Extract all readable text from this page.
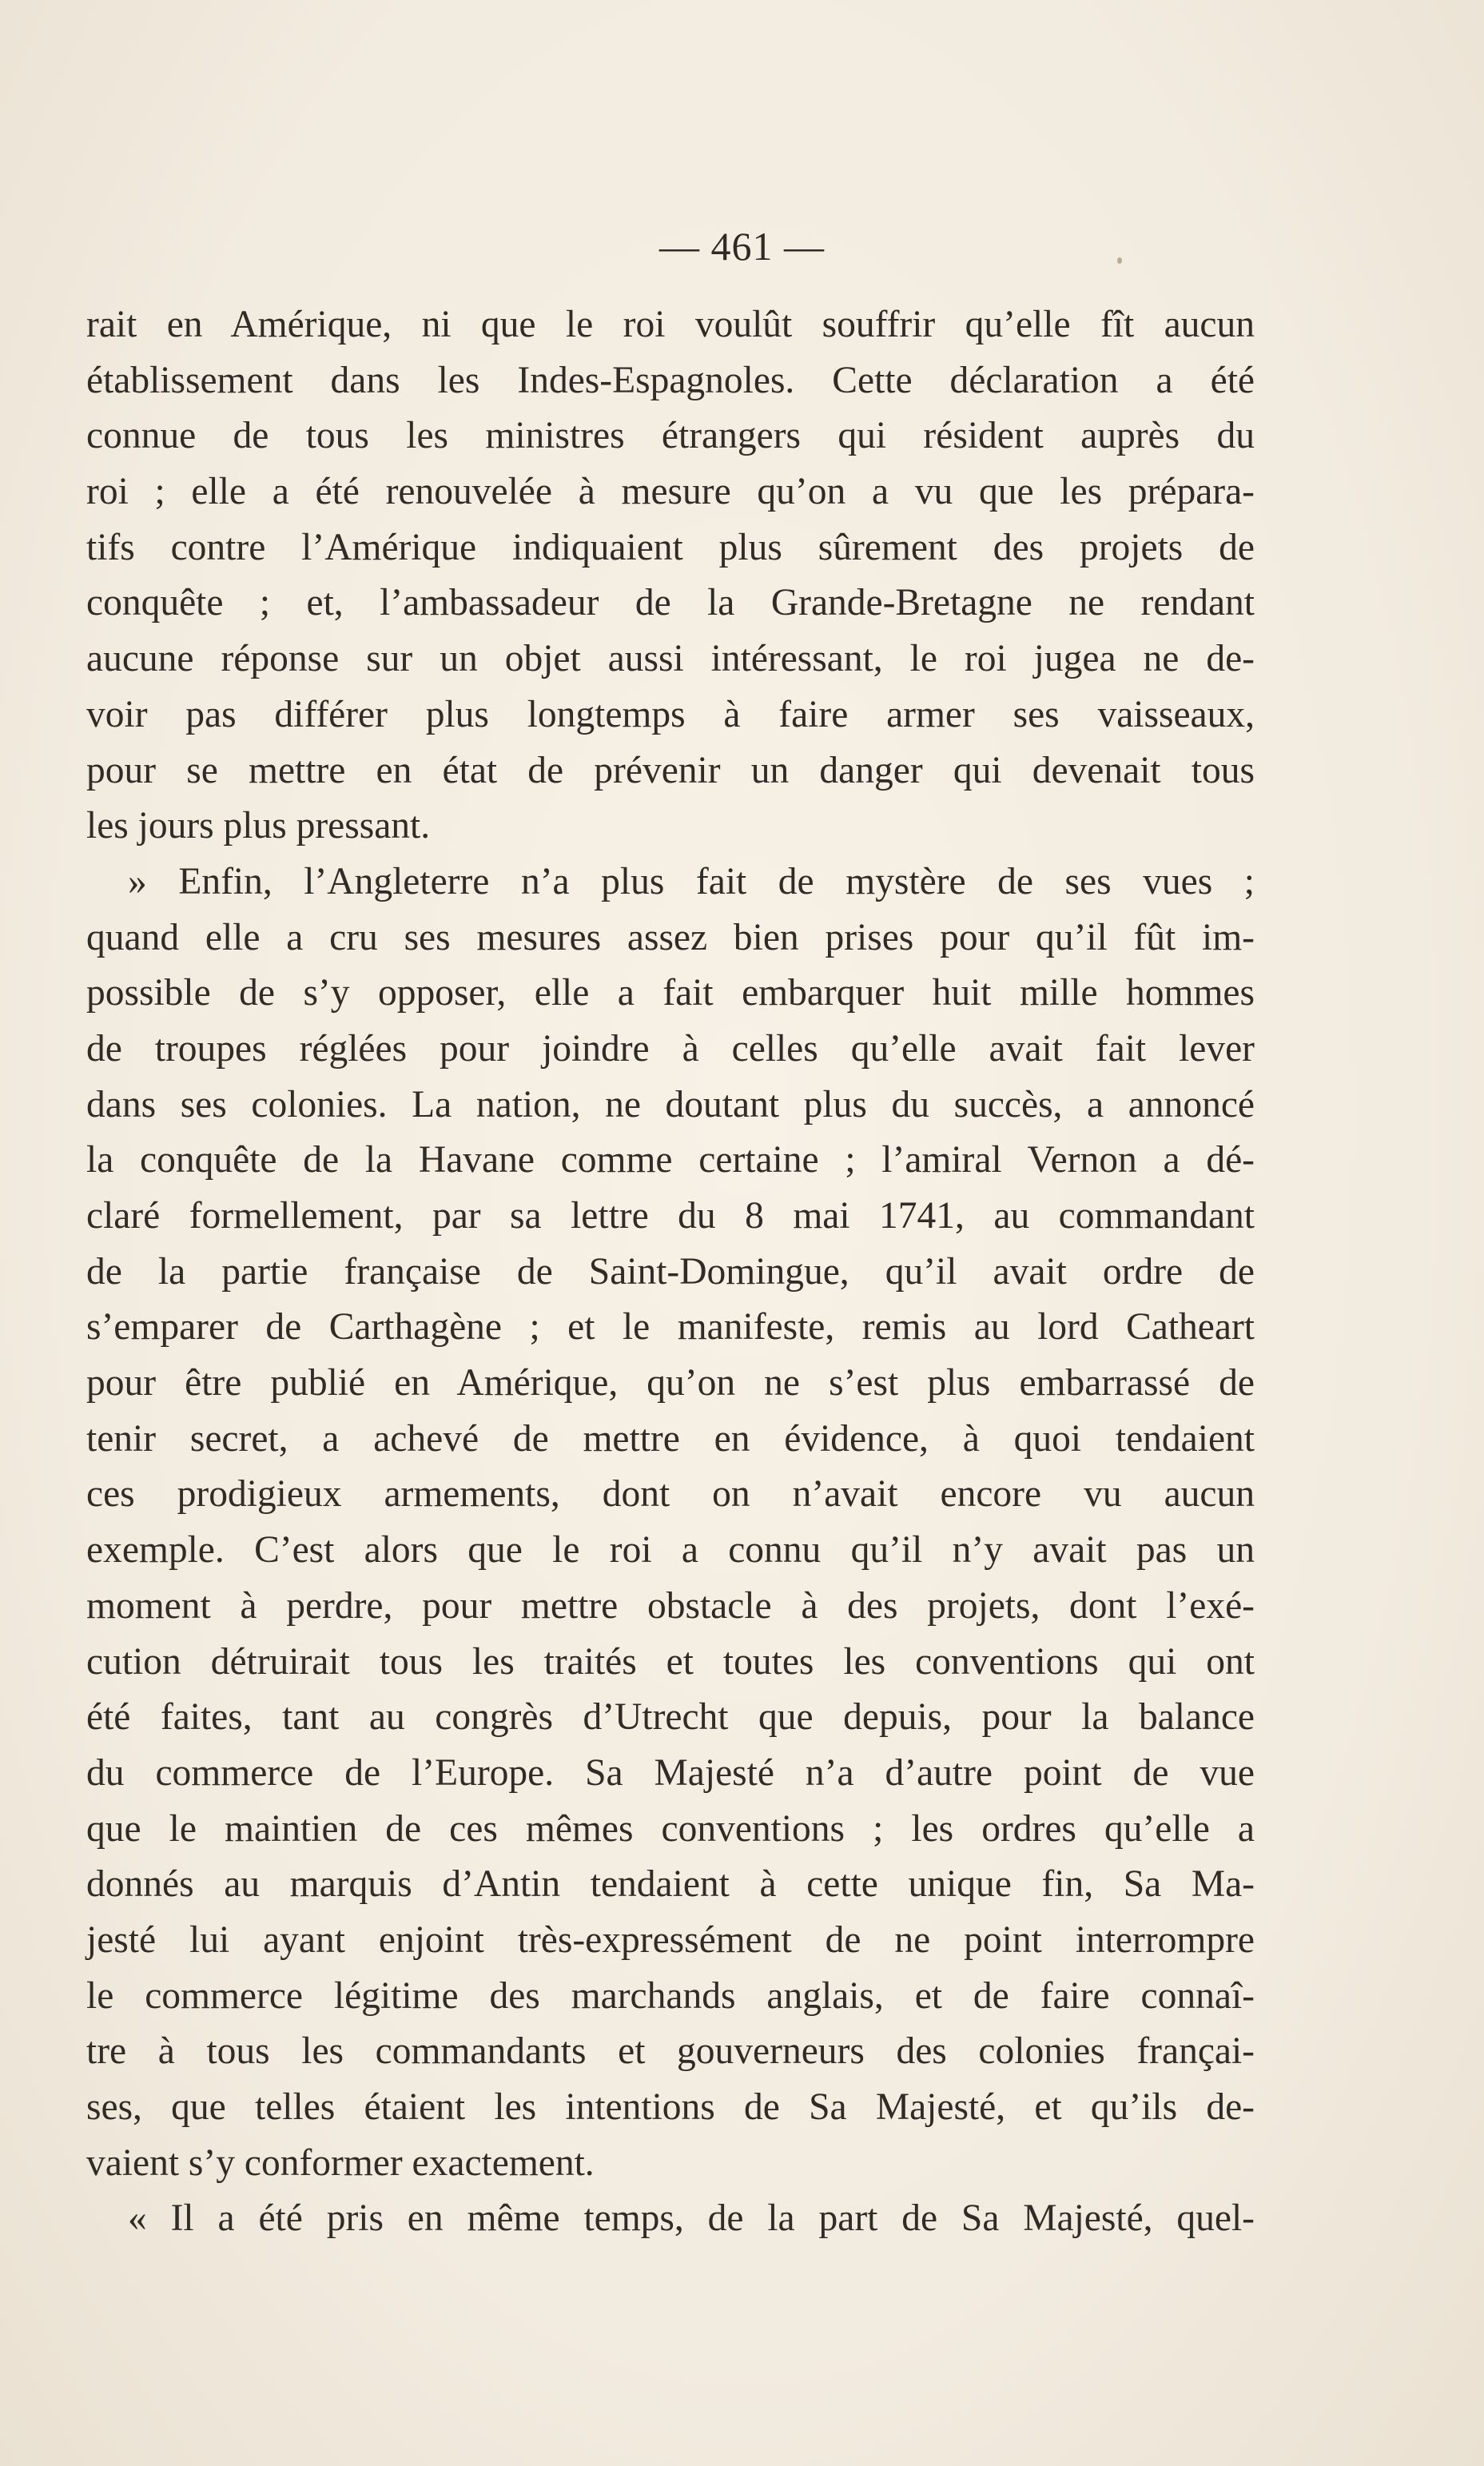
— 461 —
rait en Amérique, ni que le roi voulût souffrir qu’elle fît aucun
établissement dans les Indes-Espagnoles. Cette déclaration a été
connue de tous les ministres étrangers qui résident auprès du
roi ; elle a été renouvelée à mesure qu’on a vu que les prépara-
tifs contre l’Amérique indiquaient plus sûrement des projets de
conquête ; et, l’ambassadeur de la Grande-Bretagne ne rendant
aucune réponse sur un objet aussi intéressant, le roi jugea ne de-
voir pas différer plus longtemps à faire armer ses vaisseaux,
pour se mettre en état de prévenir un danger qui devenait tous
les jours plus pressant.
» Enfin, l’Angleterre n’a plus fait de mystère de ses vues ;
quand elle a cru ses mesures assez bien prises pour qu’il fût im-
possible de s’y opposer, elle a fait embarquer huit mille hommes
de troupes réglées pour joindre à celles qu’elle avait fait lever
dans ses colonies. La nation, ne doutant plus du succès, a annoncé
la conquête de la Havane comme certaine ; l’amiral Vernon a dé-
claré formellement, par sa lettre du 8 mai 1741, au commandant
de la partie française de Saint-Domingue, qu’il avait ordre de
s’emparer de Carthagène ; et le manifeste, remis au lord Catheart
pour être publié en Amérique, qu’on ne s’est plus embarrassé de
tenir secret, a achevé de mettre en évidence, à quoi tendaient
ces prodigieux armements, dont on n’avait encore vu aucun
exemple. C’est alors que le roi a connu qu’il n’y avait pas un
moment à perdre, pour mettre obstacle à des projets, dont l’exé-
cution détruirait tous les traités et toutes les conventions qui ont
été faites, tant au congrès d’Utrecht que depuis, pour la balance
du commerce de l’Europe. Sa Majesté n’a d’autre point de vue
que le maintien de ces mêmes conventions ; les ordres qu’elle a
donnés au marquis d’Antin tendaient à cette unique fin, Sa Ma-
jesté lui ayant enjoint très-expressément de ne point interrompre
le commerce légitime des marchands anglais, et de faire connaî-
tre à tous les commandants et gouverneurs des colonies françai-
ses, que telles étaient les intentions de Sa Majesté, et qu’ils de-
vaient s’y conformer exactement.
« Il a été pris en même temps, de la part de Sa Majesté, quel-
